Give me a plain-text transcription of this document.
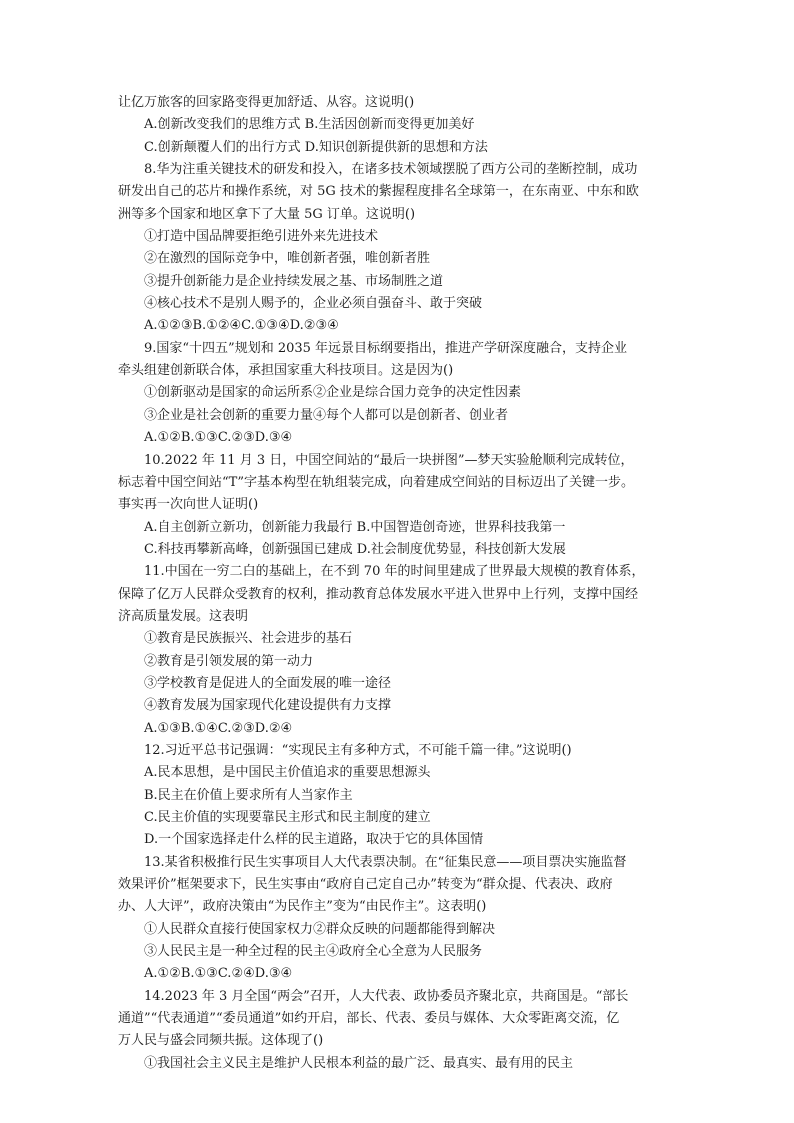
让亿万旅客的回家路变得更加舒适、从容。这说明()
A.创新改变我们的思维方式 B.生活因创新而变得更加美好
C.创新颠覆人们的出行方式 D.知识创新提供新的思想和方法
8.华为注重关键技术的研发和投入，在诸多技术领域摆脱了西方公司的垄断控制，成功
研发出自己的芯片和操作系统，对 5G 技术的紫握程度排名全球第一，在东南亚、中东和欧
洲等多个国家和地区拿下了大量 5G 订单。这说明()
①打造中国品牌要拒绝引进外来先进技术
②在激烈的国际竞争中，唯创新者强，唯创新者胜
③提升创新能力是企业持续发展之基、市场制胜之道
④核心技术不是别人赐予的，企业必须自强奋斗、敢于突破
A.①②③B.①②④C.①③④D.②③④
9.国家“十四五”规划和 2035 年远景目标纲要指出，推进产学研深度融合，支持企业
牵头组建创新联合体，承担国家重大科技项目。这是因为()
①创新驱动是国家的命运所系②企业是综合国力竞争的决定性因素
③企业是社会创新的重要力量④每个人都可以是创新者、创业者
A.①②B.①③C.②③D.③④
10.2022 年 11 月 3 日，中国空间站的“最后一块拼图”—梦天实验舱顺利完成转位，
标志着中国空间站“T”字基本构型在轨组装完成，向着建成空间站的目标迈出了关键一步。
事实再一次向世人证明()
A.自主创新立新功，创新能力我最行 B.中国智造创奇迹，世界科技我第一
C.科技再攀新高峰，创新强国已建成 D.社会制度优势显，科技创新大发展
11.中国在一穷二白的基础上，在不到 70 年的时间里建成了世界最大规模的教育体系，
保障了亿万人民群众受教育的权利，推动教育总体发展水平进入世界中上行列，支撑中国经
济高质量发展。这表明
①教育是民族振兴、社会进步的基石
②教育是引领发展的第一动力
③学校教育是促进人的全面发展的唯一途径
④教育发展为国家现代化建设提供有力支撑
A.①③B.①④C.②③D.②④
12.习近平总书记强调：“实现民主有多种方式，不可能千篇一律。”这说明()
A.民本思想，是中国民主价值追求的重要思想源头
B.民主在价值上要求所有人当家作主
C.民主价值的实现要靠民主形式和民主制度的建立
D.一个国家选择走什么样的民主道路，取决于它的具体国情
13.某省积极推行民生实事项目人大代表票决制。在“征集民意——项目票决实施监督
效果评价”框架要求下，民生实事由“政府自己定自己办”转变为“群众提、代表决、政府
办、人大评”，政府决策由“为民作主”变为“由民作主”。这表明()
①人民群众直接行使国家权力②群众反映的问题都能得到解决
③人民民主是一种全过程的民主④政府全心全意为人民服务
A.①②B.①③C.②④D.③④
14.2023 年 3 月全国“两会”召开，人大代表、政协委员齐聚北京，共商国是。“部长
通道”“代表通道”“委员通道”如约开启，部长、代表、委员与媒体、大众零距离交流，亿
万人民与盛会同频共振。这体现了()
①我国社会主义民主是维护人民根本利益的最广泛、最真实、最有用的民主
